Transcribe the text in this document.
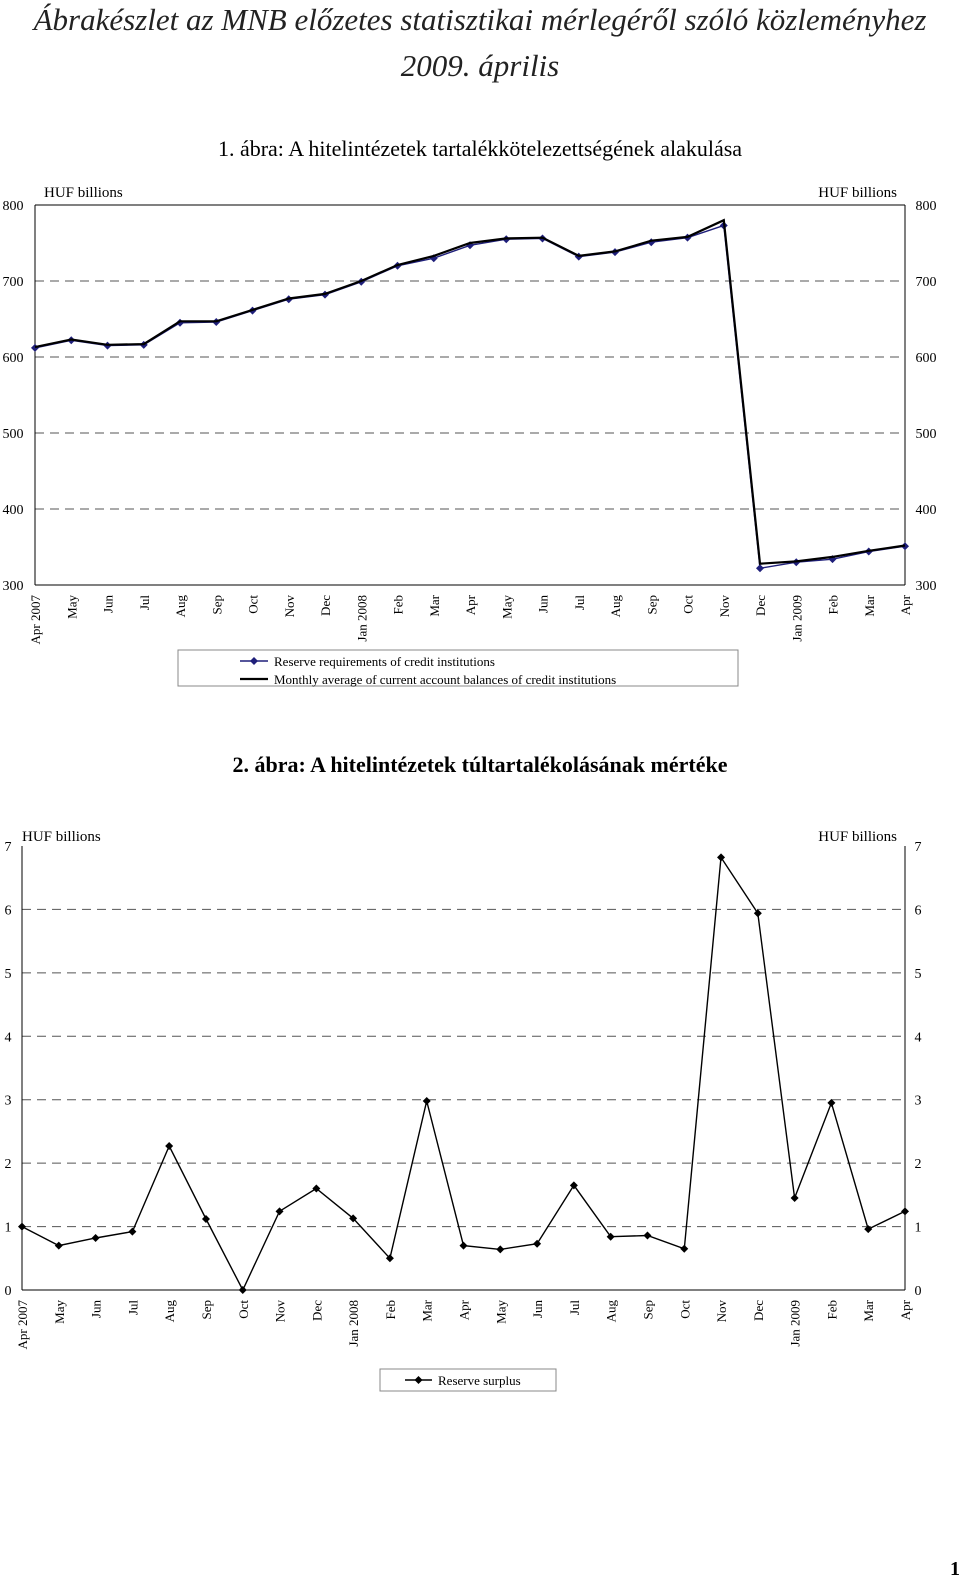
Ábrakészlet az MNB előzetes statisztikai mérlegéről szóló közleményhez
2009. április
1. ábra: A hitelintézetek tartalékkötelezettségének alakulása
300	300
400	400
500	500
600	600
700	700
800	800
HUF billions	HUF billions
Apr 2007 May Jun Jul Aug Sep Oct Nov Dec Jan 2008 Feb Mar Apr May Jun Jul Aug Sep Oct Nov Dec Jan 2009 Feb Mar Apr
Reserve requirements of credit institutions
Monthly average of current account balances of credit institutions
2. ábra: A hitelintézetek túltartalékolásának mértéke
0	0
1	1
2	2
3	3
4	4
5	5
6	6
7	7
HUF billions	HUF billions
Apr 2007 May Jun Jul Aug Sep Oct Nov Dec Jan 2008 Feb Mar Apr May Jun Jul Aug Sep Oct Nov Dec Jan 2009 Feb Mar Apr
Reserve surplus
1
